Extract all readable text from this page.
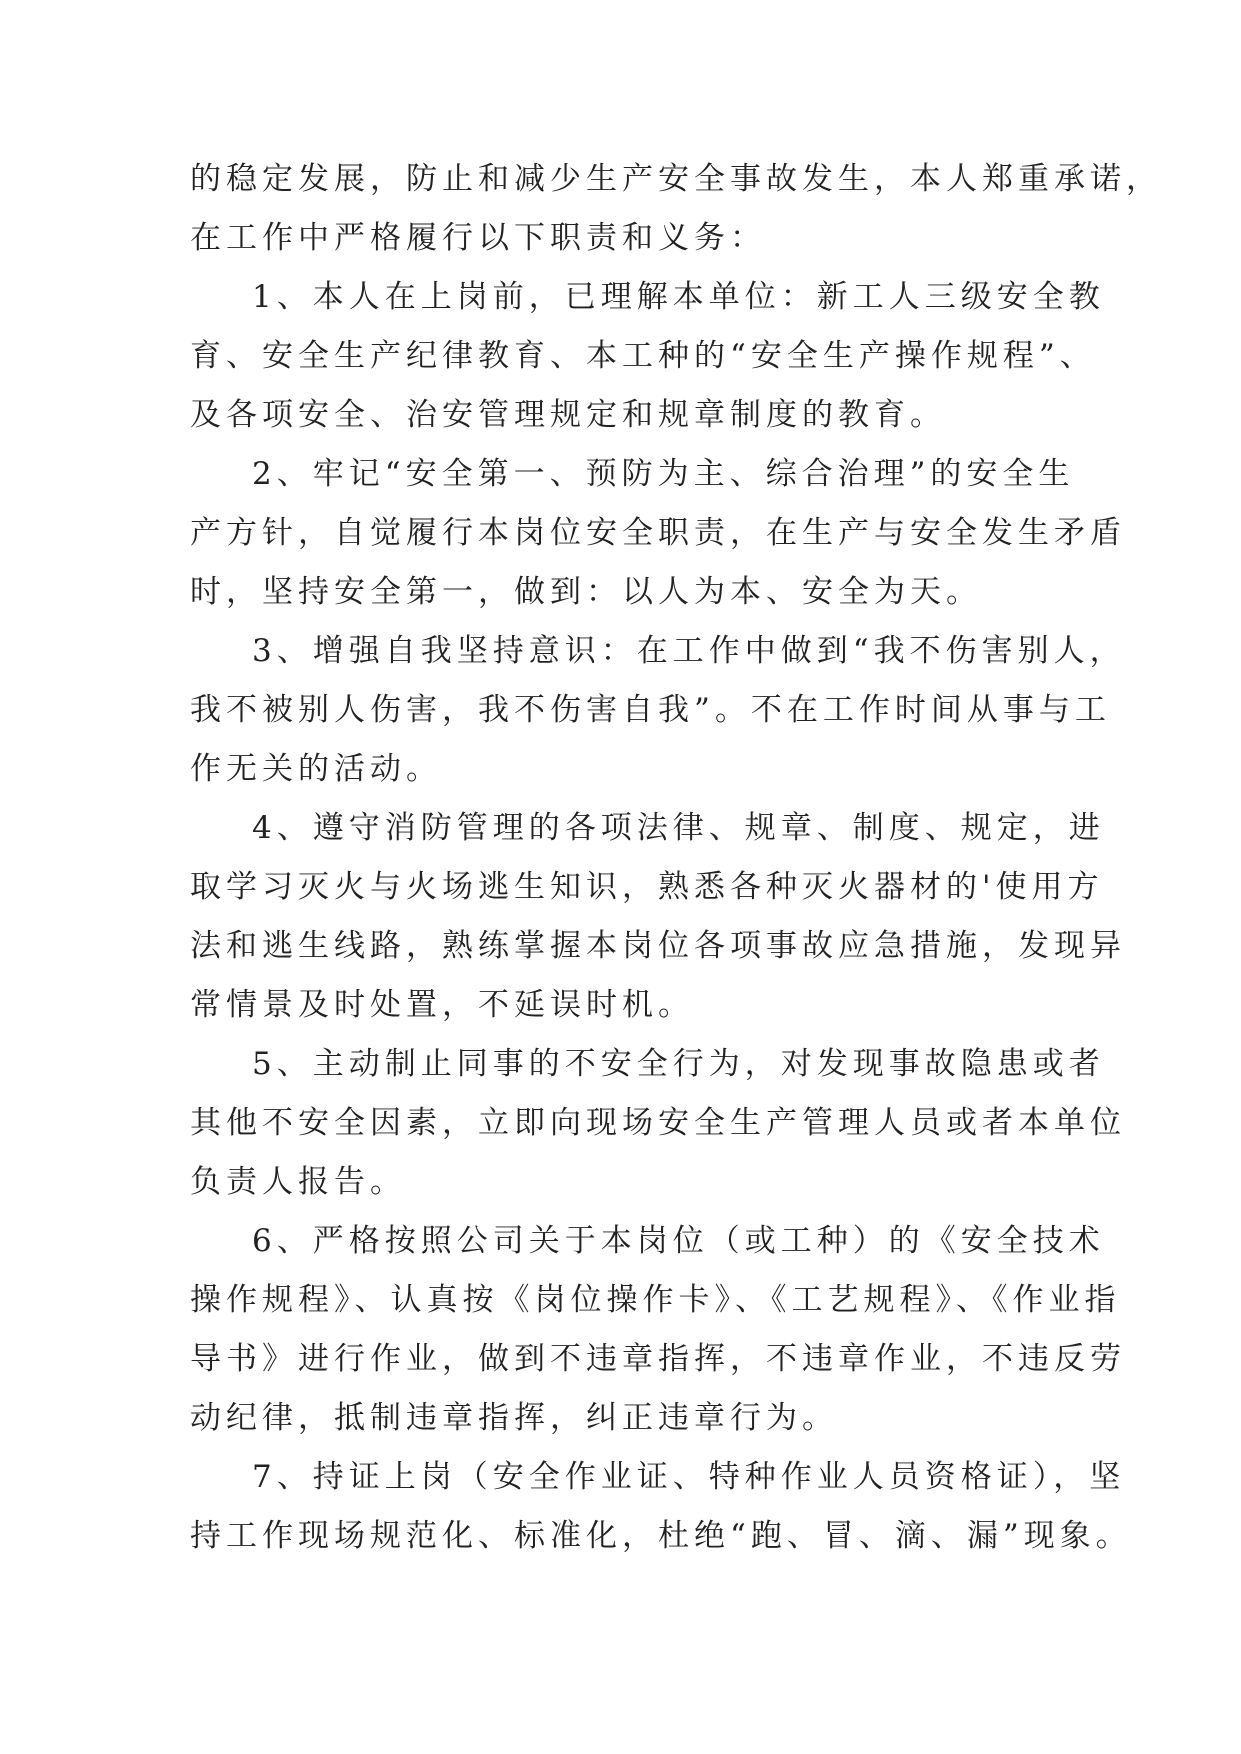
的稳定发展，防止和减少生产安全事故发生，本人郑重承诺，
在工作中严格履行以下职责和义务：

1、本人在上岗前，已理解本单位：新工人三级安全教
育、安全生产纪律教育、本工种的“安全生产操作规程”、
及各项安全、治安管理规定和规章制度的教育。

2、牢记“安全第一、预防为主、综合治理”的安全生
产方针，自觉履行本岗位安全职责，在生产与安全发生矛盾
时，坚持安全第一，做到：以人为本、安全为天。

3、增强自我坚持意识：在工作中做到“我不伤害别人，
我不被别人伤害，我不伤害自我”。不在工作时间从事与工
作无关的活动。

4、遵守消防管理的各项法律、规章、制度、规定，进
取学习灭火与火场逃生知识，熟悉各种灭火器材的'使用方
法和逃生线路，熟练掌握本岗位各项事故应急措施，发现异
常情景及时处置，不延误时机。

5、主动制止同事的不安全行为，对发现事故隐患或者
其他不安全因素，立即向现场安全生产管理人员或者本单位
负责人报告。

6、严格按照公司关于本岗位（或工种）的《安全技术
操作规程》、认真按《岗位操作卡》、《工艺规程》、《作业指
导书》进行作业，做到不违章指挥，不违章作业，不违反劳
动纪律，抵制违章指挥，纠正违章行为。

7、持证上岗（安全作业证、特种作业人员资格证），坚
持工作现场规范化、标准化，杜绝“跑、冒、滴、漏”现象。
